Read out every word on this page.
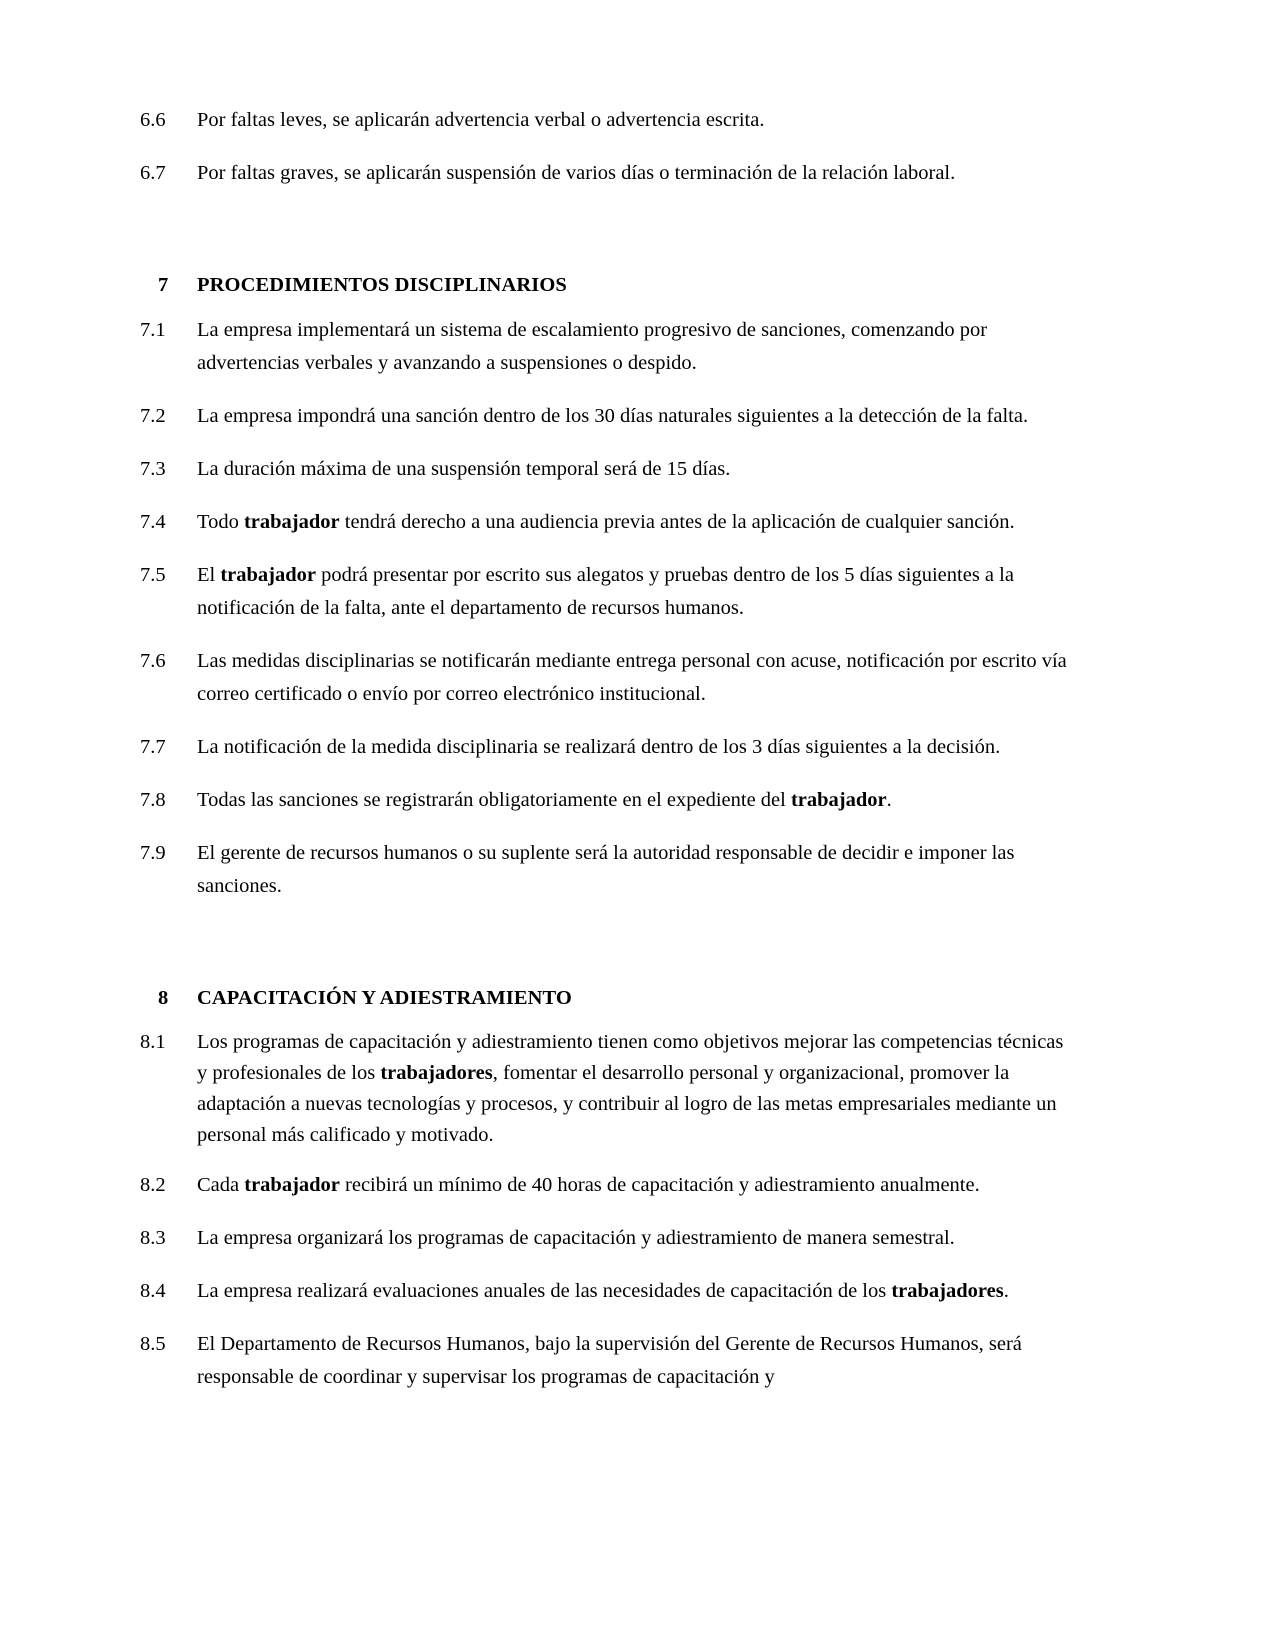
6.6	Por faltas leves, se aplicarán advertencia verbal o advertencia escrita.
6.7	Por faltas graves, se aplicarán suspensión de varios días o terminación de la relación laboral.
7	PROCEDIMIENTOS DISCIPLINARIOS
7.1	La empresa implementará un sistema de escalamiento progresivo de sanciones, comenzando por advertencias verbales y avanzando a suspensiones o despido.
7.2	La empresa impondrá una sanción dentro de los 30 días naturales siguientes a la detección de la falta.
7.3	La duración máxima de una suspensión temporal será de 15 días.
7.4	Todo trabajador tendrá derecho a una audiencia previa antes de la aplicación de cualquier sanción.
7.5	El trabajador podrá presentar por escrito sus alegatos y pruebas dentro de los 5 días siguientes a la notificación de la falta, ante el departamento de recursos humanos.
7.6	Las medidas disciplinarias se notificarán mediante entrega personal con acuse, notificación por escrito vía correo certificado o envío por correo electrónico institucional.
7.7	La notificación de la medida disciplinaria se realizará dentro de los 3 días siguientes a la decisión.
7.8	Todas las sanciones se registrarán obligatoriamente en el expediente del trabajador.
7.9	El gerente de recursos humanos o su suplente será la autoridad responsable de decidir e imponer las sanciones.
8	CAPACITACIÓN Y ADIESTRAMIENTO
8.1	Los programas de capacitación y adiestramiento tienen como objetivos mejorar las competencias técnicas y profesionales de los trabajadores, fomentar el desarrollo personal y organizacional, promover la adaptación a nuevas tecnologías y procesos, y contribuir al logro de las metas empresariales mediante un personal más calificado y motivado.
8.2	Cada trabajador recibirá un mínimo de 40 horas de capacitación y adiestramiento anualmente.
8.3	La empresa organizará los programas de capacitación y adiestramiento de manera semestral.
8.4	La empresa realizará evaluaciones anuales de las necesidades de capacitación de los trabajadores.
8.5	El Departamento de Recursos Humanos, bajo la supervisión del Gerente de Recursos Humanos, será responsable de coordinar y supervisar los programas de capacitación y
